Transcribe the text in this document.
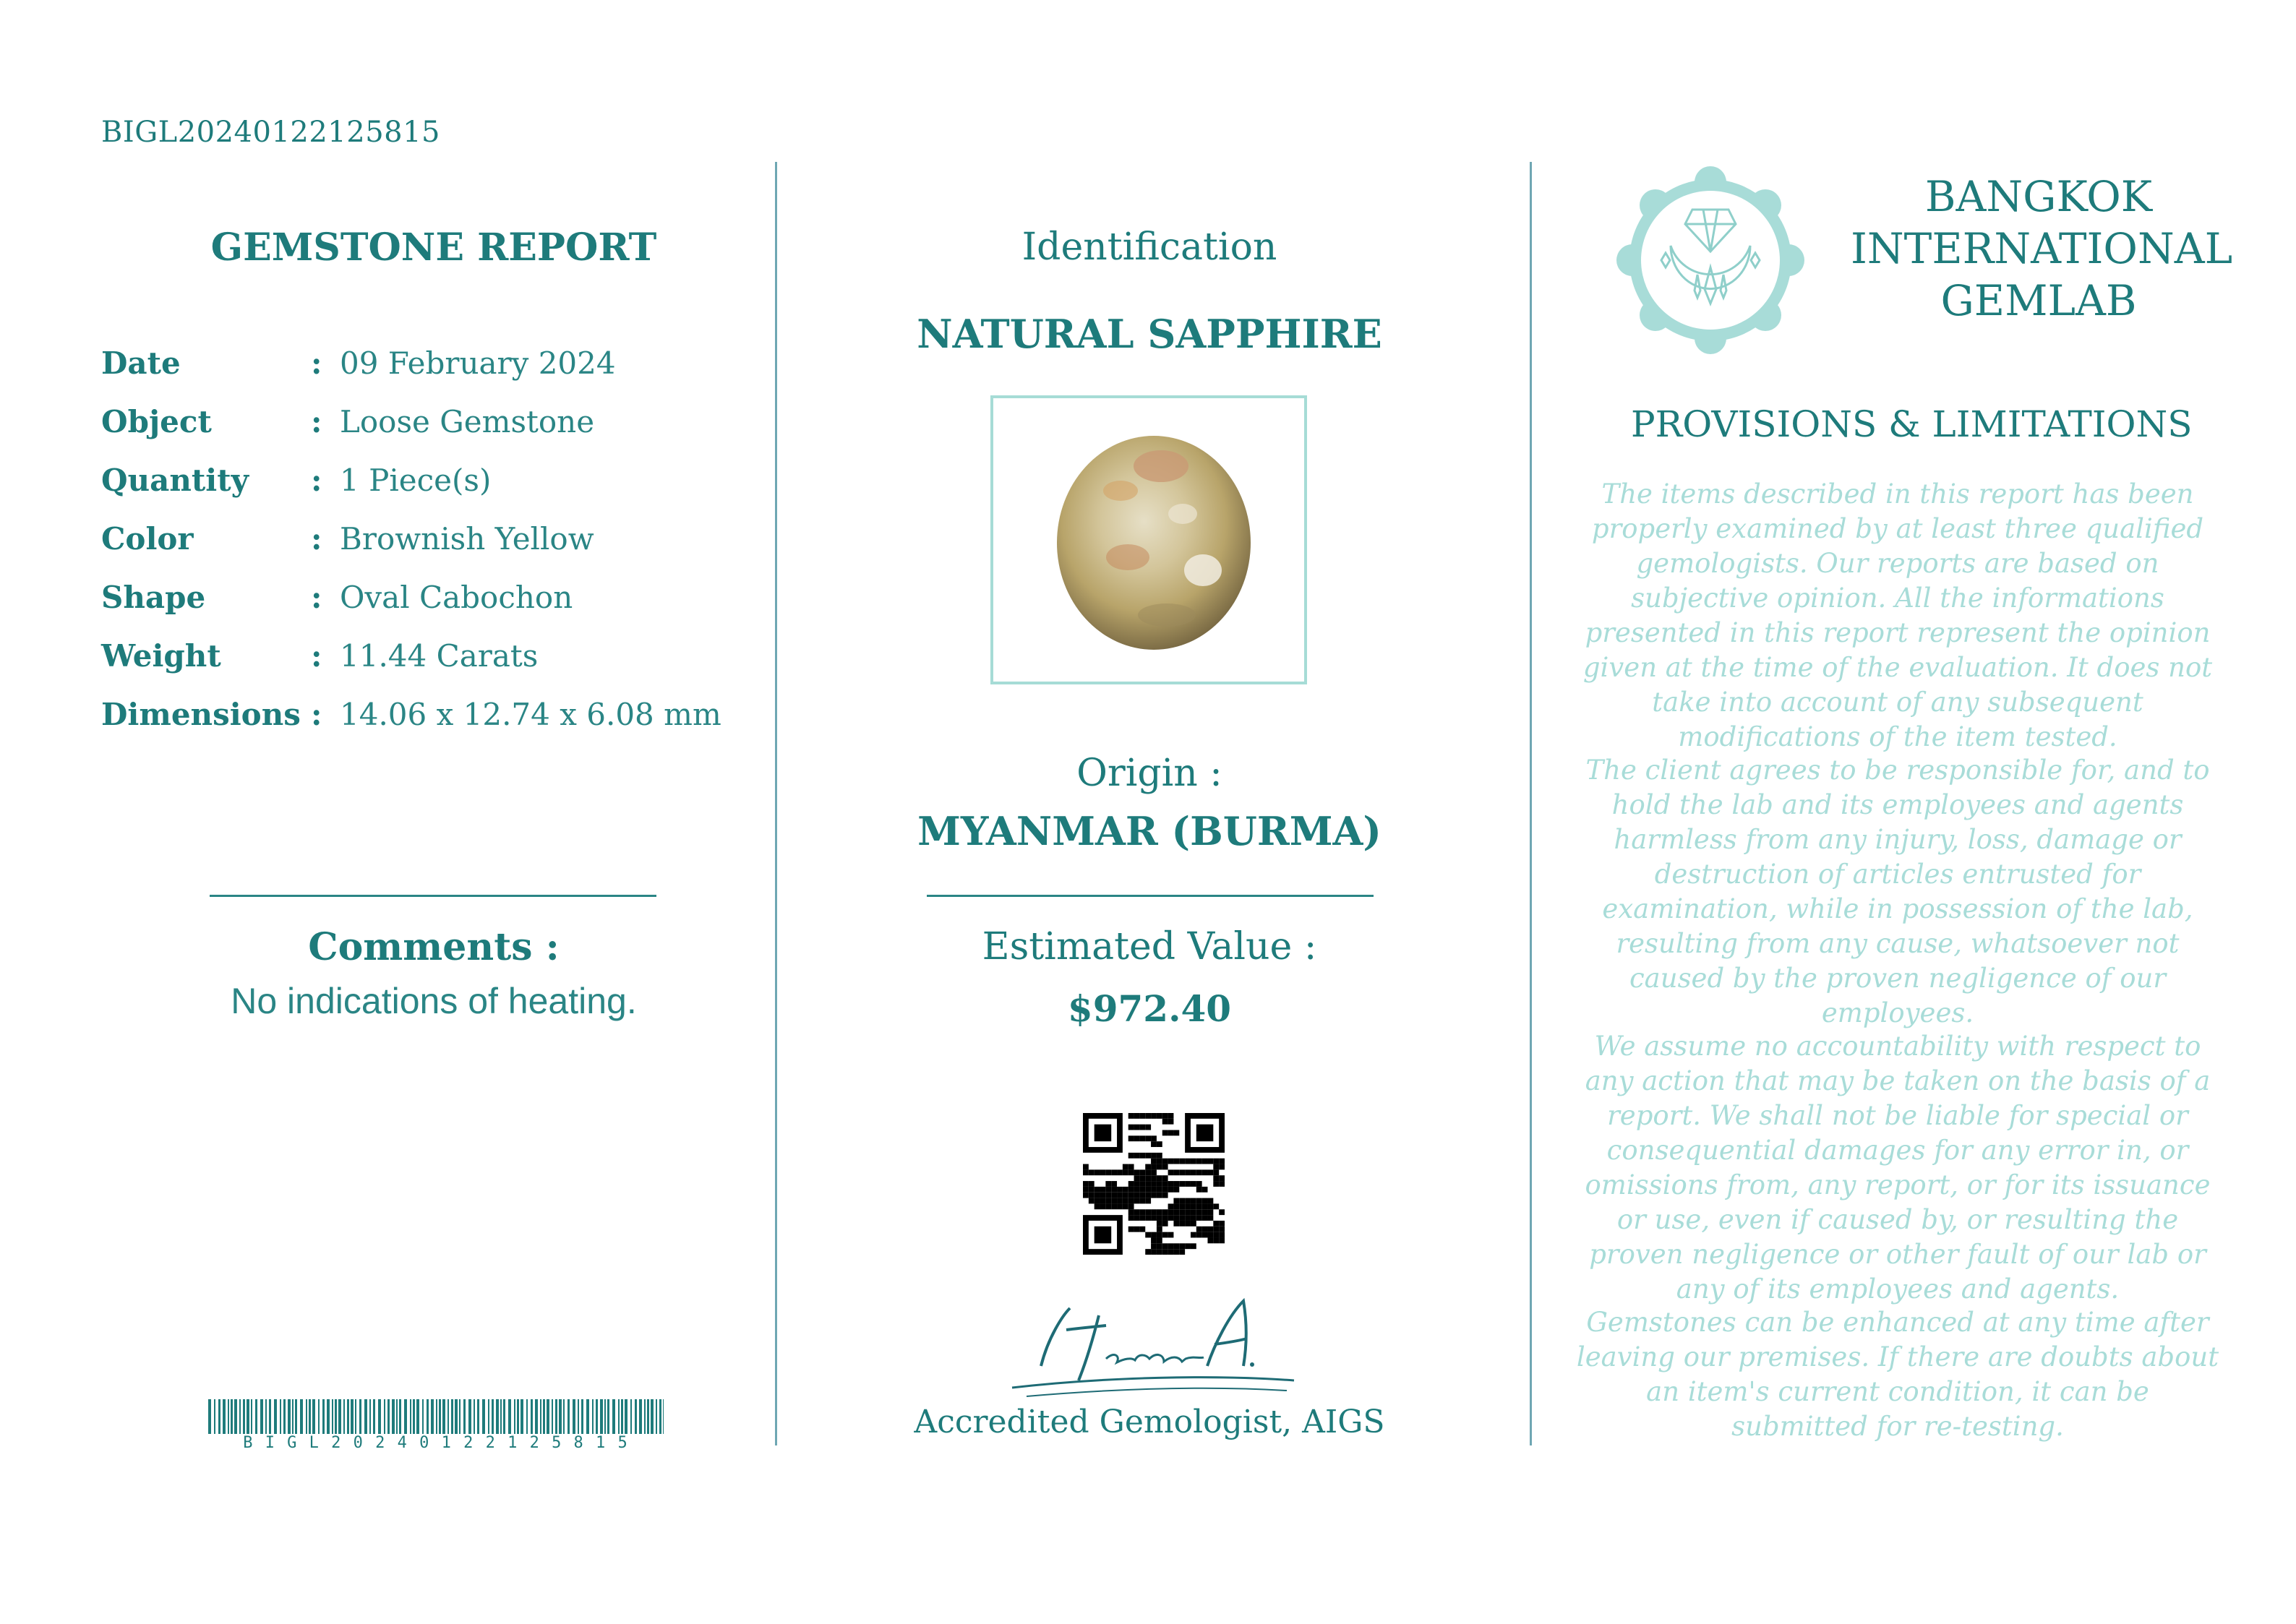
BIGL20240122125815
GEMSTONE REPORT
Date	: 09 February 2024
Object	: Loose Gemstone
Quantity	: 1 Piece(s)
Color	: Brownish Yellow
Shape	: Oval Cabochon
Weight	: 11.44 Carats
Dimensions : 14.06 x 12.74 x 6.08 mm
Comments :
No indications of heating.
B I G L 2 0 2 4 0 1 2 2 1 2 5 8 1 5
Identification
NATURAL SAPPHIRE
Origin :
MYANMAR (BURMA)
Estimated Value :
$972.40
Accredited Gemologist, AIGS
BANGKOK
INTERNATIONAL
GEMLAB
PROVISIONS & LIMITATIONS
The items described in this report has been properly examined by at least three qualified gemologists. Our reports are based on subjective opinion. All the informations presented in this report represent the opinion given at the time of the evaluation. It does not take into account of any subsequent modifications of the item tested.
The client agrees to be responsible for, and to hold the lab and its employees and agents harmless from any injury, loss, damage or destruction of articles entrusted for examination, while in possession of the lab, resulting from any cause, whatsoever not caused by the proven negligence of our employees.
We assume no accountability with respect to any action that may be taken on the basis of a report. We shall not be liable for special or consequential damages for any error in, or omissions from, any report, or for its issuance or use, even if caused by, or resulting the proven negligence or other fault of our lab or any of its employees and agents.
Gemstones can be enhanced at any time after leaving our premises. If there are doubts about an item's current condition, it can be submitted for re-testing.
